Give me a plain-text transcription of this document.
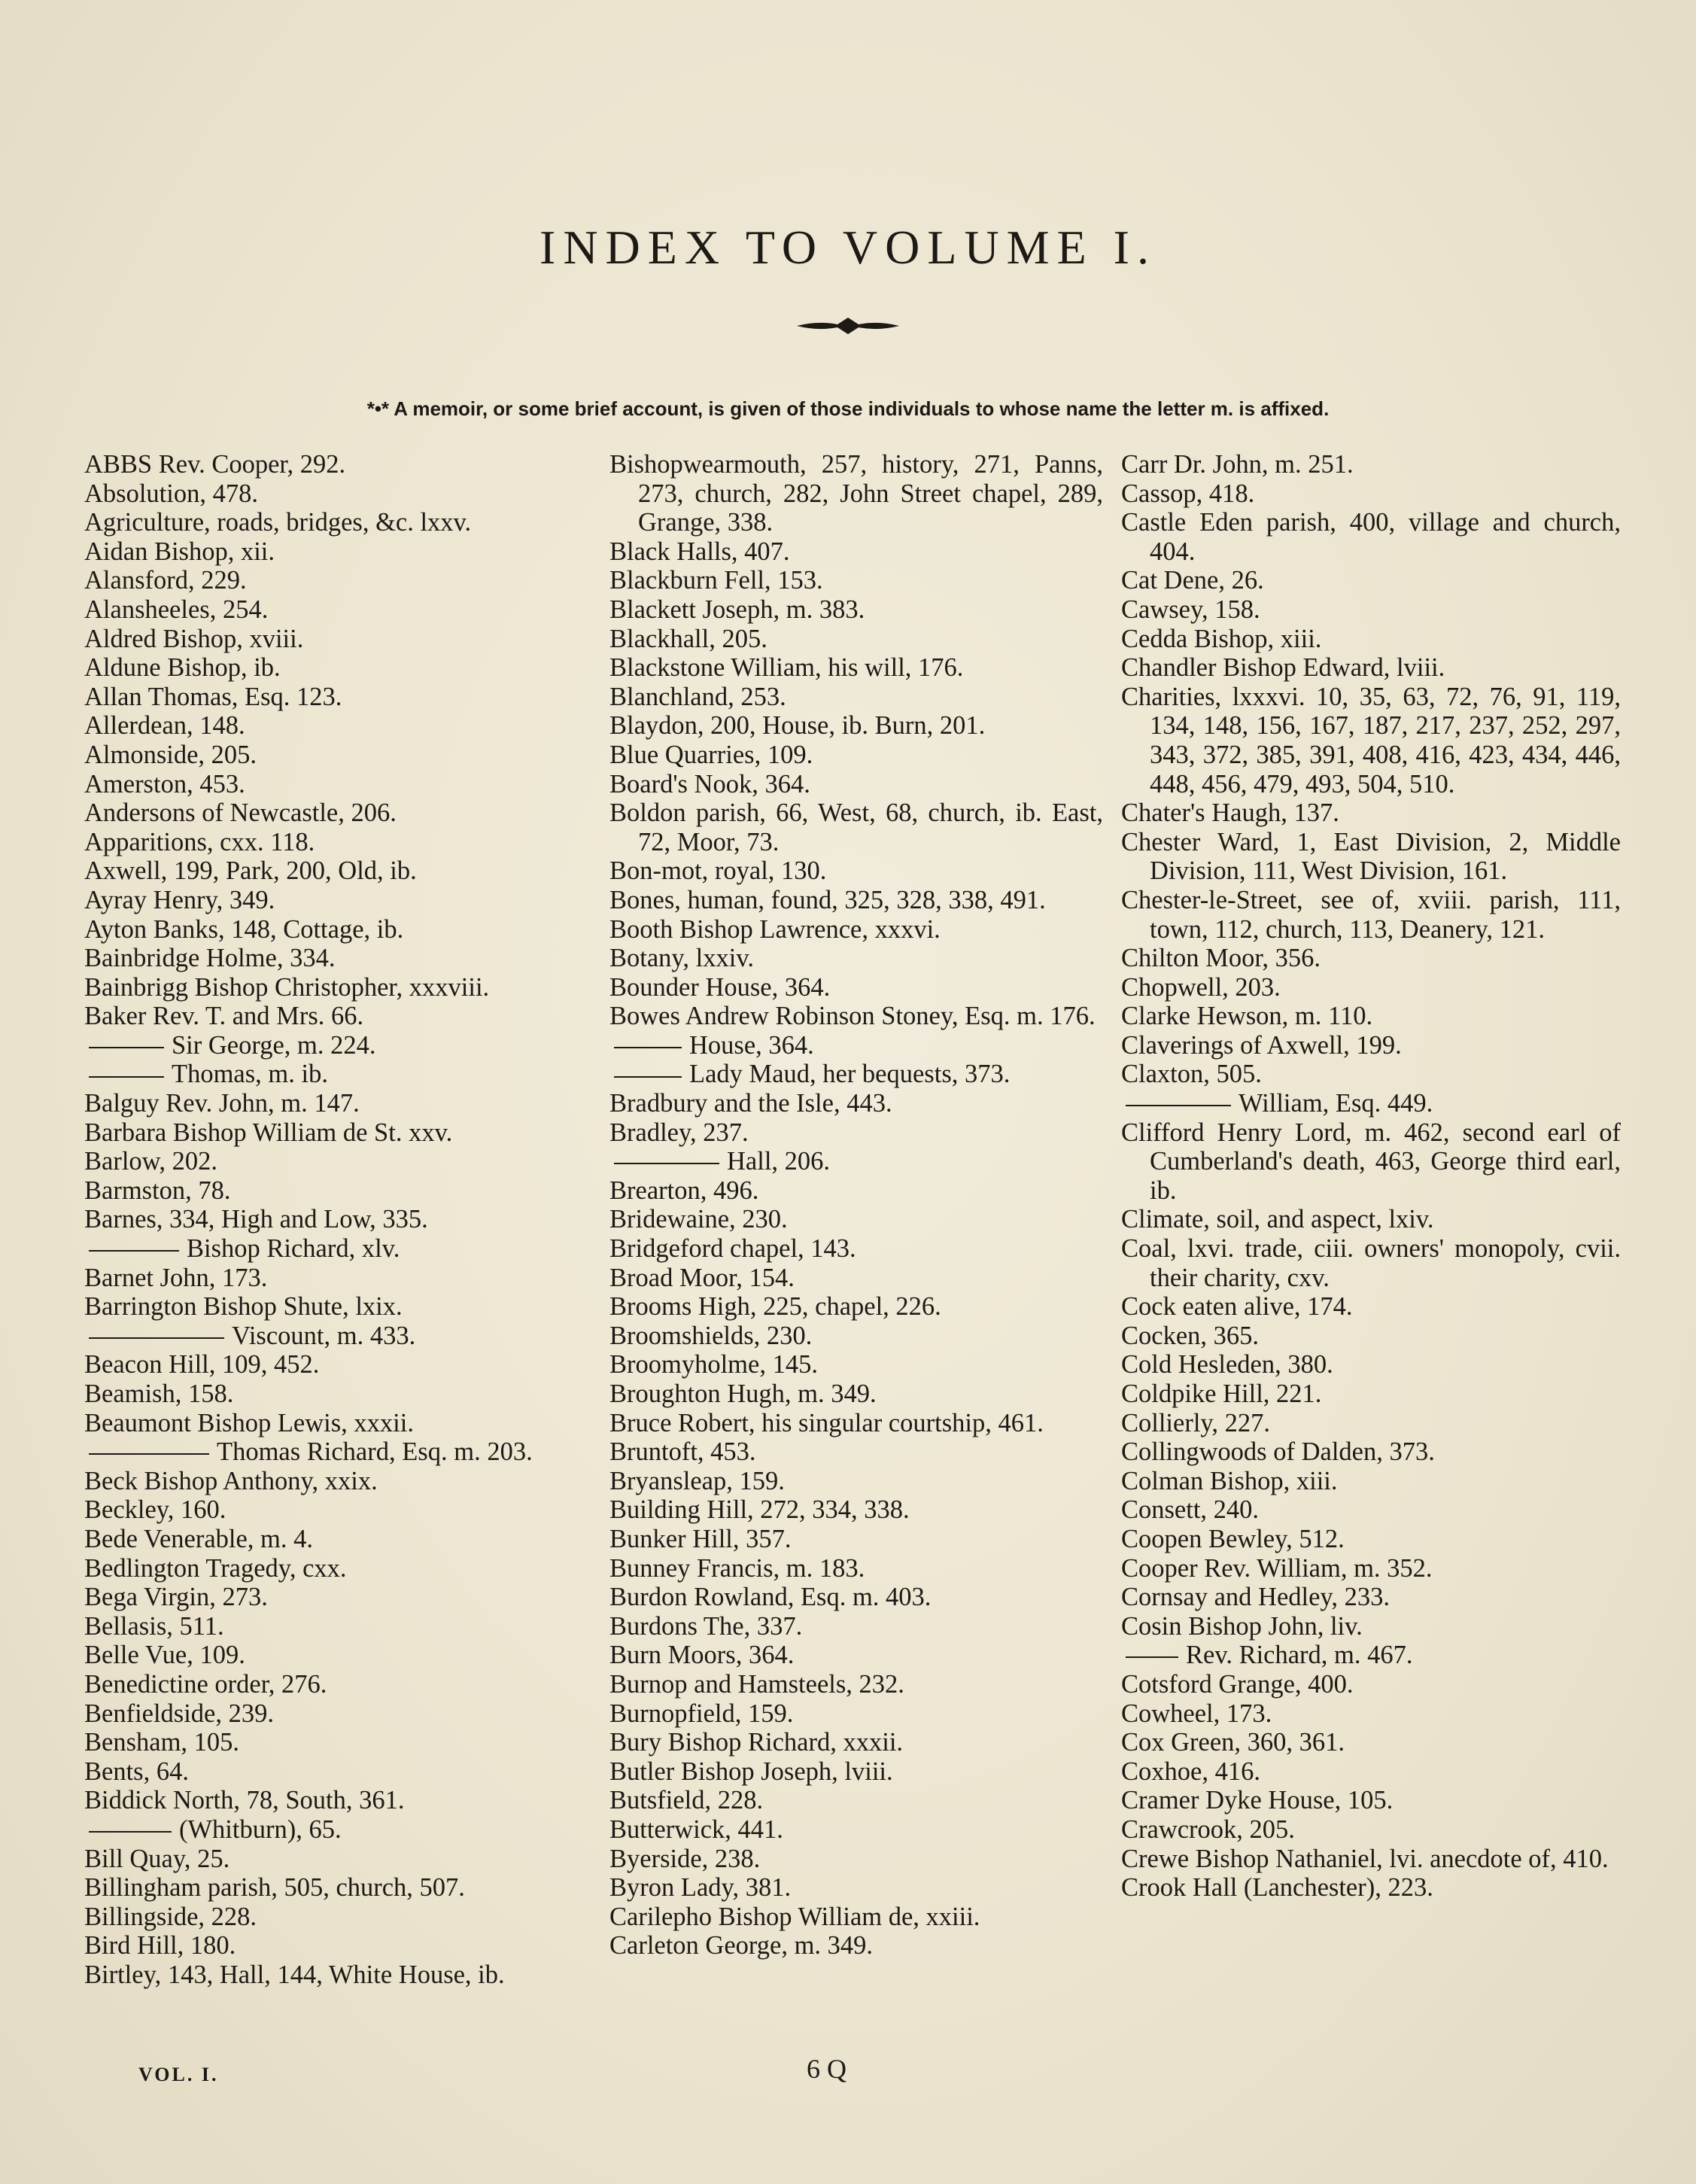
INDEX TO VOLUME I.
*•* A memoir, or some brief account, is given of those individuals to whose name the letter m. is affixed.
ABBS Rev. Cooper, 292.
Absolution, 478.
Agriculture, roads, bridges, &c. lxxv.
Aidan Bishop, xii.
Alansford, 229.
Alansheeles, 254.
Aldred Bishop, xviii.
Aldune Bishop, ib.
Allan Thomas, Esq. 123.
Allerdean, 148.
Almonside, 205.
Amerston, 453.
Andersons of Newcastle, 206.
Apparitions, cxx. 118.
Axwell, 199, Park, 200, Old, ib.
Ayray Henry, 349.
Ayton Banks, 148, Cottage, ib.
Bainbridge Holme, 334.
Bainbrigg Bishop Christopher, xxxviii.
Baker Rev. T. and Mrs. 66.
Sir George, m. 224.
Thomas, m. ib.
Balguy Rev. John, m. 147.
Barbara Bishop William de St. xxv.
Barlow, 202.
Barmston, 78.
Barnes, 334, High and Low, 335.
Bishop Richard, xlv.
Barnet John, 173.
Barrington Bishop Shute, lxix.
Viscount, m. 433.
Beacon Hill, 109, 452.
Beamish, 158.
Beaumont Bishop Lewis, xxxii.
Thomas Richard, Esq. m. 203.
Beck Bishop Anthony, xxix.
Beckley, 160.
Bede Venerable, m. 4.
Bedlington Tragedy, cxx.
Bega Virgin, 273.
Bellasis, 511.
Belle Vue, 109.
Benedictine order, 276.
Benfieldside, 239.
Bensham, 105.
Bents, 64.
Biddick North, 78, South, 361.
(Whitburn), 65.
Bill Quay, 25.
Billingham parish, 505, church, 507.
Billingside, 228.
Bird Hill, 180.
Birtley, 143, Hall, 144, White House, ib.
Bishopwearmouth, 257, history, 271, Panns, 273, church, 282, John Street chapel, 289, Grange, 338.
Black Halls, 407.
Blackburn Fell, 153.
Blackett Joseph, m. 383.
Blackhall, 205.
Blackstone William, his will, 176.
Blanchland, 253.
Blaydon, 200, House, ib. Burn, 201.
Blue Quarries, 109.
Board's Nook, 364.
Boldon parish, 66, West, 68, church, ib. East, 72, Moor, 73.
Bon-mot, royal, 130.
Bones, human, found, 325, 328, 338, 491.
Booth Bishop Lawrence, xxxvi.
Botany, lxxiv.
Bounder House, 364.
Bowes Andrew Robinson Stoney, Esq. m. 176.
House, 364.
Lady Maud, her bequests, 373.
Bradbury and the Isle, 443.
Bradley, 237.
Hall, 206.
Brearton, 496.
Bridewaine, 230.
Bridgeford chapel, 143.
Broad Moor, 154.
Brooms High, 225, chapel, 226.
Broomshields, 230.
Broomyholme, 145.
Broughton Hugh, m. 349.
Bruce Robert, his singular courtship, 461.
Bruntoft, 453.
Bryansleap, 159.
Building Hill, 272, 334, 338.
Bunker Hill, 357.
Bunney Francis, m. 183.
Burdon Rowland, Esq. m. 403.
Burdons The, 337.
Burn Moors, 364.
Burnop and Hamsteels, 232.
Burnopfield, 159.
Bury Bishop Richard, xxxii.
Butler Bishop Joseph, lviii.
Butsfield, 228.
Butterwick, 441.
Byerside, 238.
Byron Lady, 381.
Carilepho Bishop William de, xxiii.
Carleton George, m. 349.
Carr Dr. John, m. 251.
Cassop, 418.
Castle Eden parish, 400, village and church, 404.
Cat Dene, 26.
Cawsey, 158.
Cedda Bishop, xiii.
Chandler Bishop Edward, lviii.
Charities, lxxxvi. 10, 35, 63, 72, 76, 91, 119, 134, 148, 156, 167, 187, 217, 237, 252, 297, 343, 372, 385, 391, 408, 416, 423, 434, 446, 448, 456, 479, 493, 504, 510.
Chater's Haugh, 137.
Chester Ward, 1, East Division, 2, Middle Division, 111, West Division, 161.
Chester-le-Street, see of, xviii. parish, 111, town, 112, church, 113, Deanery, 121.
Chilton Moor, 356.
Chopwell, 203.
Clarke Hewson, m. 110.
Claverings of Axwell, 199.
Claxton, 505.
William, Esq. 449.
Clifford Henry Lord, m. 462, second earl of Cumberland's death, 463, George third earl, ib.
Climate, soil, and aspect, lxiv.
Coal, lxvi. trade, ciii. owners' monopoly, cvii. their charity, cxv.
Cock eaten alive, 174.
Cocken, 365.
Cold Hesleden, 380.
Coldpike Hill, 221.
Collierly, 227.
Collingwoods of Dalden, 373.
Colman Bishop, xiii.
Consett, 240.
Coopen Bewley, 512.
Cooper Rev. William, m. 352.
Cornsay and Hedley, 233.
Cosin Bishop John, liv.
Rev. Richard, m. 467.
Cotsford Grange, 400.
Cowheel, 173.
Cox Green, 360, 361.
Coxhoe, 416.
Cramer Dyke House, 105.
Crawcrook, 205.
Crewe Bishop Nathaniel, lvi. anecdote of, 410.
Crook Hall (Lanchester), 223.
VOL. I.	6 Q
